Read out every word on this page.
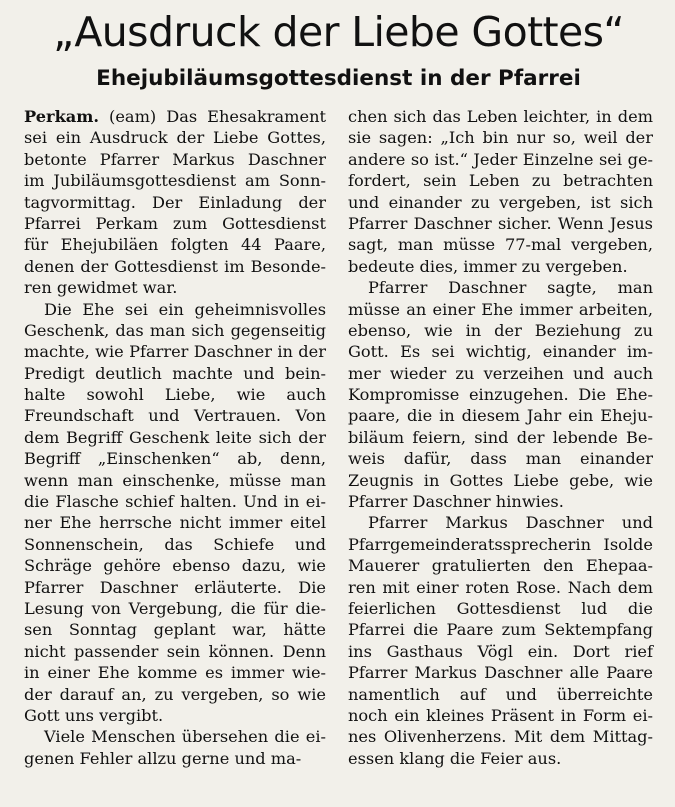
„Ausdruck der Liebe Gottes“
Ehejubiläumsgottesdienst in der Pfarrei

Perkam. (eam) Das Ehesakrament
sei ein Ausdruck der Liebe Gottes,
betonte Pfarrer Markus Daschner
im Jubiläumsgottesdienst am Sonn-
tagvormittag. Der Einladung der
Pfarrei Perkam zum Gottesdienst
für Ehejubiläen folgten 44 Paare,
denen der Gottesdienst im Besonde-
ren gewidmet war.

Die Ehe sei ein geheimnisvolles
Geschenk, das man sich gegenseitig
machte, wie Pfarrer Daschner in der
Predigt deutlich machte und bein-
halte sowohl Liebe, wie auch
Freundschaft und Vertrauen. Von
dem Begriff Geschenk leite sich der
Begriff „Einschenken“ ab, denn,
wenn man einschenke, müsse man
die Flasche schief halten. Und in ei-
ner Ehe herrsche nicht immer eitel
Sonnenschein, das Schiefe und
Schräge gehöre ebenso dazu, wie
Pfarrer Daschner erläuterte. Die
Lesung von Vergebung, die für die-
sen Sonntag geplant war, hätte
nicht passender sein können. Denn
in einer Ehe komme es immer wie-
der darauf an, zu vergeben, so wie
Gott uns vergibt.

Viele Menschen übersehen die ei-
genen Fehler allzu gerne und ma-

chen sich das Leben leichter, in dem
sie sagen: „Ich bin nur so, weil der
andere so ist.“ Jeder Einzelne sei ge-
fordert, sein Leben zu betrachten
und einander zu vergeben, ist sich
Pfarrer Daschner sicher. Wenn Jesus
sagt, man müsse 77-mal vergeben,
bedeute dies, immer zu vergeben.

Pfarrer Daschner sagte, man
müsse an einer Ehe immer arbeiten,
ebenso, wie in der Beziehung zu
Gott. Es sei wichtig, einander im-
mer wieder zu verzeihen und auch
Kompromisse einzugehen. Die Ehe-
paare, die in diesem Jahr ein Eheju-
biläum feiern, sind der lebende Be-
weis dafür, dass man einander
Zeugnis in Gottes Liebe gebe, wie
Pfarrer Daschner hinwies.

Pfarrer Markus Daschner und
Pfarrgemeinderatssprecherin Isolde
Mauerer gratulierten den Ehepaa-
ren mit einer roten Rose. Nach dem
feierlichen Gottesdienst lud die
Pfarrei die Paare zum Sektempfang
ins Gasthaus Vögl ein. Dort rief
Pfarrer Markus Daschner alle Paare
namentlich auf und überreichte
noch ein kleines Präsent in Form ei-
nes Olivenherzens. Mit dem Mittag-
essen klang die Feier aus.
